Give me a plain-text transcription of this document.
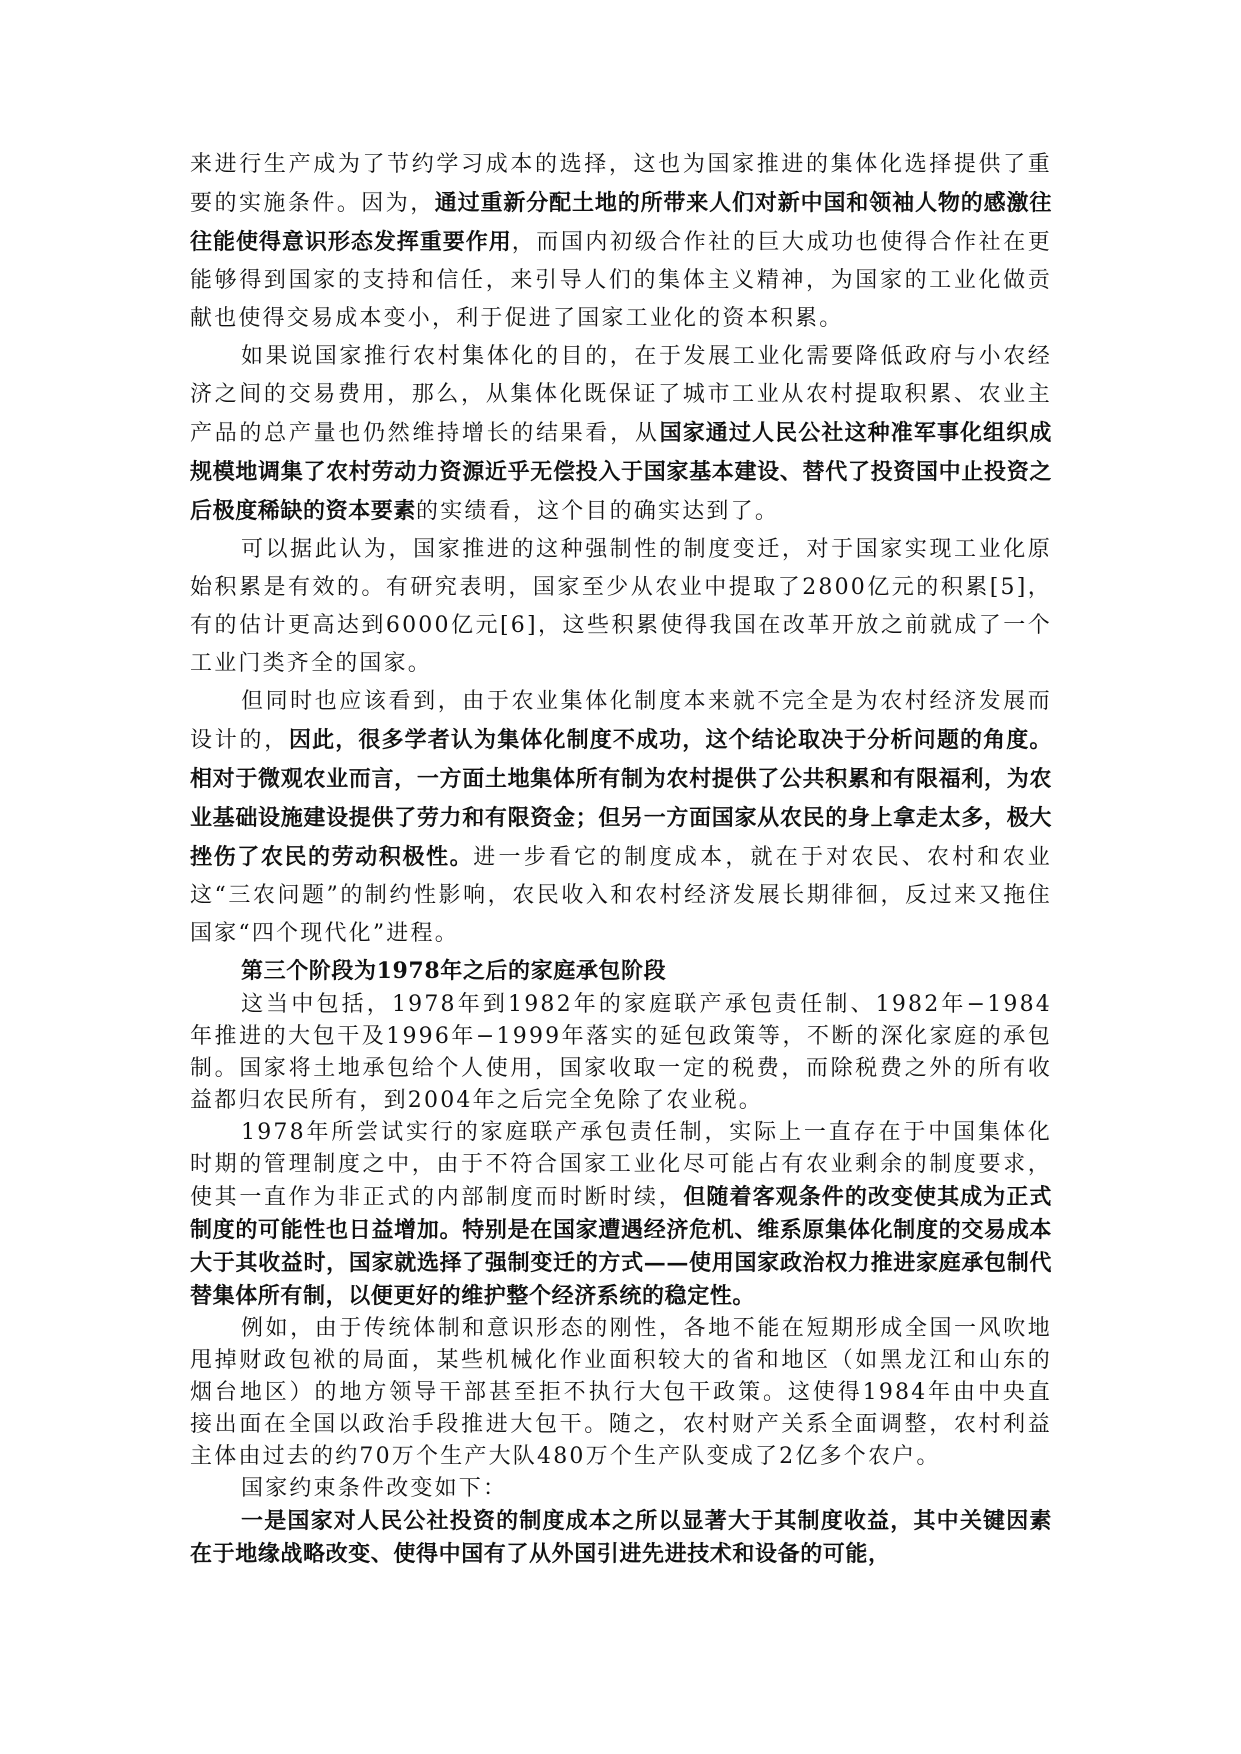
来进行生产成为了节约学习成本的选择，这也为国家推进的集体化选择提供了重要的实施条件。因为，通过重新分配土地的所带来人们对新中国和领袖人物的感激往往能使得意识形态发挥重要作用，而国内初级合作社的巨大成功也使得合作社在更能够得到国家的支持和信任，来引导人们的集体主义精神，为国家的工业化做贡献也使得交易成本变小，利于促进了国家工业化的资本积累。

如果说国家推行农村集体化的目的，在于发展工业化需要降低政府与小农经济之间的交易费用，那么，从集体化既保证了城市工业从农村提取积累、农业主产品的总产量也仍然维持增长的结果看，从国家通过人民公社这种准军事化组织成规模地调集了农村劳动力资源近乎无偿投入于国家基本建设、替代了投资国中止投资之后极度稀缺的资本要素的实绩看，这个目的确实达到了。

可以据此认为，国家推进的这种强制性的制度变迁，对于国家实现工业化原始积累是有效的。有研究表明，国家至少从农业中提取了2800亿元的积累[5]，有的估计更高达到6000亿元[6]，这些积累使得我国在改革开放之前就成了一个工业门类齐全的国家。

但同时也应该看到，由于农业集体化制度本来就不完全是为农村经济发展而设计的，因此，很多学者认为集体化制度不成功，这个结论取决于分析问题的角度。相对于微观农业而言，一方面土地集体所有制为农村提供了公共积累和有限福利，为农业基础设施建设提供了劳力和有限资金；但另一方面国家从农民的身上拿走太多，极大挫伤了农民的劳动积极性。进一步看它的制度成本，就在于对农民、农村和农业这“三农问题”的制约性影响，农民收入和农村经济发展长期徘徊，反过来又拖住国家“四个现代化”进程。

第三个阶段为1978年之后的家庭承包阶段

这当中包括，1978年到1982年的家庭联产承包责任制、1982年−1984年推进的大包干及1996年−1999年落实的延包政策等，不断的深化家庭的承包制。国家将土地承包给个人使用，国家收取一定的税费，而除税费之外的所有收益都归农民所有，到2004年之后完全免除了农业税。

1978年所尝试实行的家庭联产承包责任制，实际上一直存在于中国集体化时期的管理制度之中，由于不符合国家工业化尽可能占有农业剩余的制度要求，使其一直作为非正式的内部制度而时断时续，但随着客观条件的改变使其成为正式制度的可能性也日益增加。特别是在国家遭遇经济危机、维系原集体化制度的交易成本大于其收益时，国家就选择了强制变迁的方式——使用国家政治权力推进家庭承包制代替集体所有制，以便更好的维护整个经济系统的稳定性。

例如，由于传统体制和意识形态的刚性，各地不能在短期形成全国一风吹地甩掉财政包袱的局面，某些机械化作业面积较大的省和地区（如黑龙江和山东的烟台地区）的地方领导干部甚至拒不执行大包干政策。这使得1984年由中央直接出面在全国以政治手段推进大包干。随之，农村财产关系全面调整，农村利益主体由过去的约70万个生产大队480万个生产队变成了2亿多个农户。

国家约束条件改变如下：

一是国家对人民公社投资的制度成本之所以显著大于其制度收益，其中关键因素在于地缘战略改变、使得中国有了从外国引进先进技术和设备的可能，
